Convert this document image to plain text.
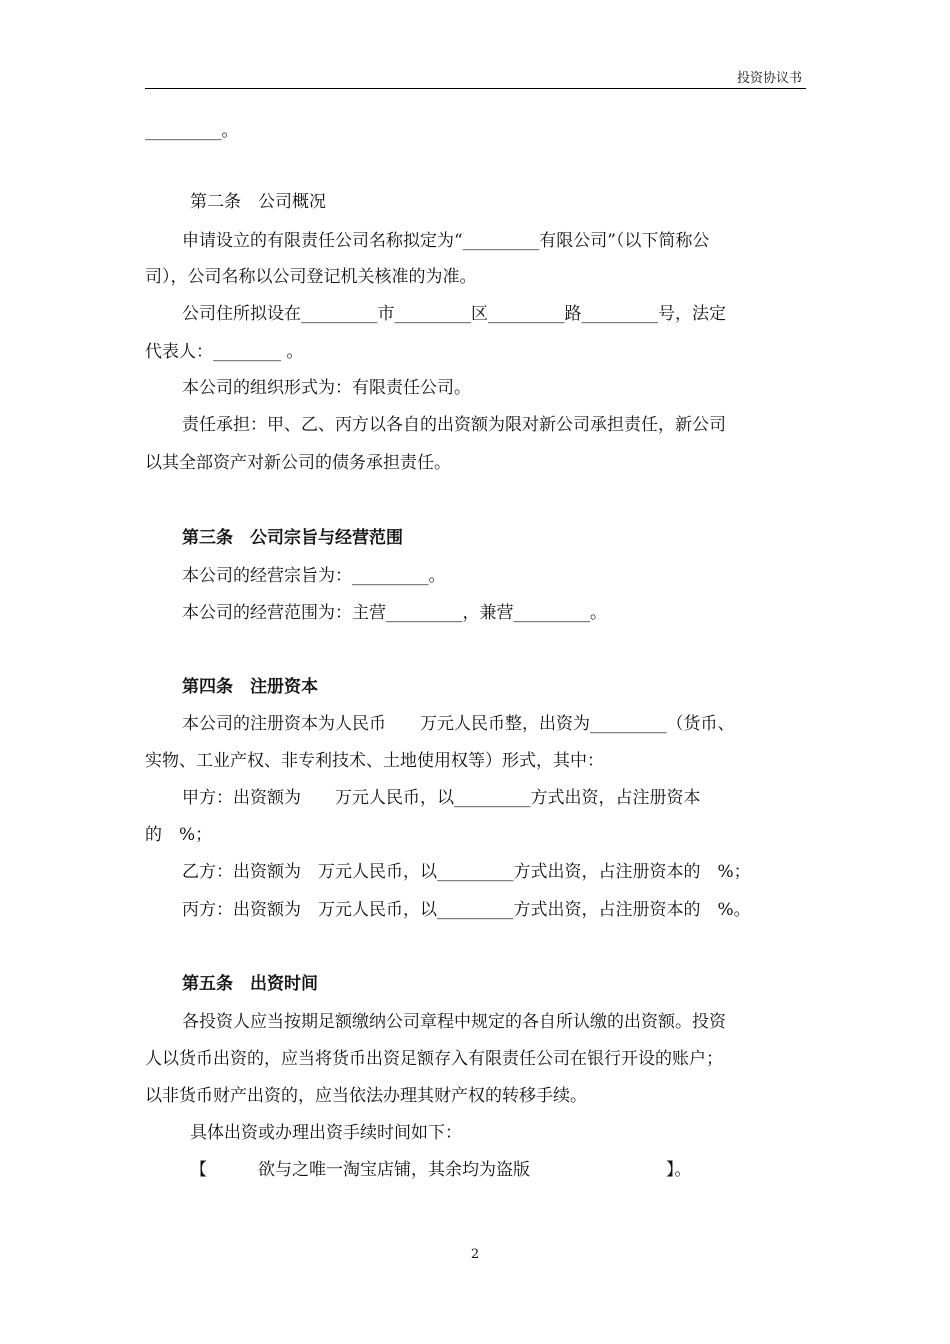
投资协议书
_________。
第二条　公司概况
申请设立的有限责任公司名称拟定为“_________有限公司”（以下简称公
司），公司名称以公司登记机关核准的为准。
公司住所拟设在_________市_________区_________路_________号，法定
代表人：________ 。
本公司的组织形式为：有限责任公司。
责任承担：甲、乙、丙方以各自的出资额为限对新公司承担责任，新公司
以其全部资产对新公司的债务承担责任。
第三条　公司宗旨与经营范围
本公司的经营宗旨为：_________。
本公司的经营范围为：主营_________，兼营_________。
第四条　注册资本
本公司的注册资本为人民币　　万元人民币整，出资为_________（货币、
实物、工业产权、非专利技术、土地使用权等）形式，其中：
甲方：出资额为　　万元人民币，以_________方式出资，占注册资本
的　%；
乙方：出资额为　万元人民币，以_________方式出资，占注册资本的　%；
丙方：出资额为　万元人民币，以_________方式出资，占注册资本的　%。
第五条　出资时间
各投资人应当按期足额缴纳公司章程中规定的各自所认缴的出资额。投资
人以货币出资的，应当将货币出资足额存入有限责任公司在银行开设的账户；
以非货币财产出资的，应当依法办理其财产权的转移手续。
具体出资或办理出资手续时间如下：
【　　　欲与之唯一淘宝店铺，其余均为盗版　　　　　　　　】。
2
